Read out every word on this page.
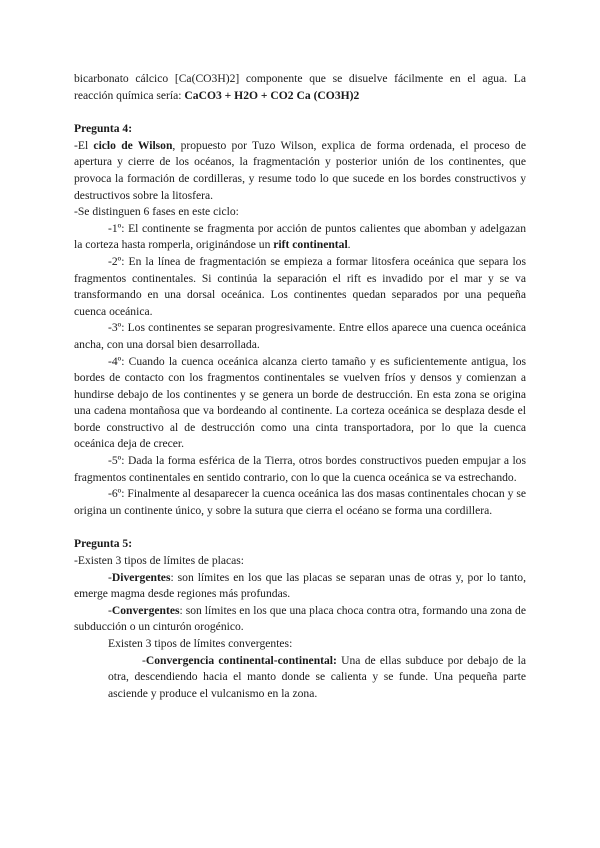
bicarbonato cálcico [Ca(CO3H)2] componente que se disuelve fácilmente en el agua. La reacción química sería: CaCO3 + H2O + CO2 Ca (CO3H)2

Pregunta 4:

-El ciclo de Wilson, propuesto por Tuzo Wilson, explica de forma ordenada, el proceso de apertura y cierre de los océanos, la fragmentación y posterior unión de los continentes, que provoca la formación de cordilleras, y resume todo lo que sucede en los bordes constructivos y destructivos sobre la litosfera.

-Se distinguen 6 fases en este ciclo:

-1º: El continente se fragmenta por acción de puntos calientes que abomban y adelgazan la corteza hasta romperla, originándose un rift continental.

-2º: En la línea de fragmentación se empieza a formar litosfera oceánica que separa los fragmentos continentales. Si continúa la separación el rift es invadido por el mar y se va transformando en una dorsal oceánica. Los continentes quedan separados por una pequeña cuenca oceánica.

-3º: Los continentes se separan progresivamente. Entre ellos aparece una cuenca oceánica ancha, con una dorsal bien desarrollada.

-4º: Cuando la cuenca oceánica alcanza cierto tamaño y es suficientemente antigua, los bordes de contacto con los fragmentos continentales se vuelven fríos y densos y comienzan a hundirse debajo de los continentes y se genera un borde de destrucción. En esta zona se origina una cadena montañosa que va bordeando al continente. La corteza oceánica se desplaza desde el borde constructivo al de destrucción como una cinta transportadora, por lo que la cuenca oceánica deja de crecer.

-5º: Dada la forma esférica de la Tierra, otros bordes constructivos pueden empujar a los fragmentos continentales en sentido contrario, con lo que la cuenca oceánica se va estrechando.

-6º: Finalmente al desaparecer la cuenca oceánica las dos masas continentales chocan y se origina un continente único, y sobre la sutura que cierra el océano se forma una cordillera.

Pregunta 5:

-Existen 3 tipos de límites de placas:

-Divergentes: son límites en los que las placas se separan unas de otras y, por lo tanto, emerge magma desde regiones más profundas.

-Convergentes: son límites en los que una placa choca contra otra, formando una zona de subducción o un cinturón orogénico.

Existen 3 tipos de límites convergentes:

-Convergencia continental-continental: Una de ellas subduce por debajo de la otra, descendiendo hacia el manto donde se calienta y se funde. Una pequeña parte asciende y produce el vulcanismo en la zona.
